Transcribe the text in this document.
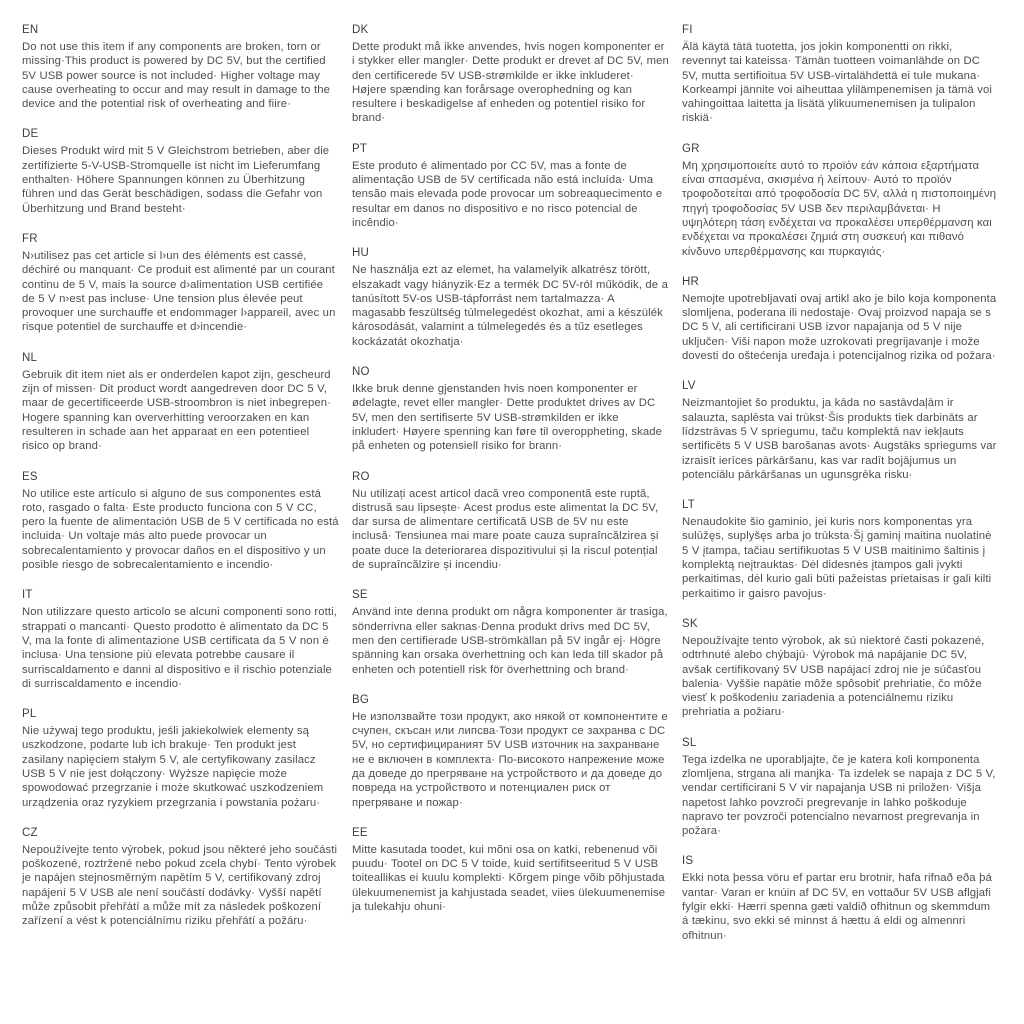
EN

Do not use this item if any components are broken, torn or missing·This product is powered by DC 5V, but the certified 5V USB power source is not included· Higher voltage may cause overheating to occur and may result in damage to the device and the potential risk of overheating and fiire·

DE

Dieses Produkt wird mit 5 V Gleichstrom betrieben, aber die zertifizierte 5-V-USB-Stromquelle ist nicht im Lieferumfang enthalten· Höhere Spannungen können zu Überhitzung führen und das Gerät beschädigen, sodass die Gefahr von Überhitzung und Brand besteht·

FR

N›utilisez pas cet article si l›un des éléments est cassé, déchiré ou manquant· Ce produit est alimenté par un courant continu de 5 V, mais la source d›alimentation USB certifiée de 5 V n›est pas incluse· Une tension plus élevée peut provoquer une surchauffe et endommager l›appareil, avec un risque potentiel de surchauffe et d›incendie·

NL

Gebruik dit item niet als er onderdelen kapot zijn, gescheurd zijn of missen· Dit product wordt aangedreven door DC 5 V, maar de gecertificeerde USB-stroombron is niet inbegrepen· Hogere spanning kan oververhitting veroorzaken en kan resulteren in schade aan het apparaat en een potentieel risico op brand·

ES

No utilice este artículo si alguno de sus componentes está roto, rasgado o falta· Este producto funciona con 5 V CC, pero la fuente de alimentación USB de 5 V certificada no está incluida· Un voltaje más alto puede provocar un sobrecalentamiento y provocar daños en el dispositivo y un posible riesgo de sobrecalentamiento e incendio·

IT

Non utilizzare questo articolo se alcuni componenti sono rotti, strappati o mancanti· Questo prodotto è alimentato da DC 5 V, ma la fonte di alimentazione USB certificata da 5 V non è inclusa· Una tensione più elevata potrebbe causare il surriscaldamento e danni al dispositivo e il rischio potenziale di surriscaldamento e incendio·

PL

Nie używaj tego produktu, jeśli jakiekolwiek elementy są uszkodzone, podarte lub ich brakuje· Ten produkt jest zasilany napięciem stałym 5 V, ale certyfikowany zasilacz USB 5 V nie jest dołączony· Wyższe napięcie może spowodować przegrzanie i może skutkować uszkodzeniem urządzenia oraz ryzykiem przegrzania i powstania pożaru·

CZ

Nepoužívejte tento výrobek, pokud jsou některé jeho součásti poškozené, roztržené nebo pokud zcela chybí· Tento výrobek je napájen stejnosměrným napětím 5 V, certifikovaný zdroj napájení 5 V USB ale není součástí dodávky· Vyšší napětí může způsobit přehřátí a může mít za následek poškození zařízení a vést k potenciálnímu riziku přehřátí a požáru·

DK

Dette produkt må ikke anvendes, hvis nogen komponenter er i stykker eller mangler· Dette produkt er drevet af DC 5V, men den certificerede 5V USB-strømkilde er ikke inkluderet· Højere spænding kan forårsage overophedning og kan resultere i beskadigelse af enheden og potentiel risiko for brand·

PT

Este produto é alimentado por CC 5V, mas a fonte de alimentação USB de 5V certificada não está incluída· Uma tensão mais elevada pode provocar um sobreaquecimento e resultar em danos no dispositivo e no risco potencial de incêndio·

HU

Ne használja ezt az elemet, ha valamelyik alkatrész törött, elszakadt vagy hiányzik·Ez a termék DC 5V-ról működik, de a tanúsított 5V-os USB-tápforrást nem tartalmazza· A magasabb feszültség túlmelegedést okozhat, ami a készülék károsodását, valamint a túlmelegedés és a tűz esetleges kockázatát okozhatja·

NO

Ikke bruk denne gjenstanden hvis noen komponenter er ødelagte, revet eller mangler· Dette produktet drives av DC 5V, men den sertifiserte 5V USB-strømkilden er ikke inkludert· Høyere spenning kan føre til overoppheting, skade på enheten og potensiell risiko for brann·

RO

Nu utilizați acest articol dacă vreo componentă este ruptă, distrusă sau lipsește· Acest produs este alimentat la DC 5V, dar sursa de alimentare certificată USB de 5V nu este inclusă· Tensiunea mai mare poate cauza supraîncălzirea și poate duce la deteriorarea dispozitivului și la riscul potențial de supraîncălzire și incendiu·

SE

Använd inte denna produkt om några komponenter är trasiga, sönderrivna eller saknas·Denna produkt drivs med DC 5V, men den certifierade USB-strömkällan på 5V ingår ej· Högre spänning kan orsaka överhettning och kan leda till skador på enheten och potentiell risk för överhettning och brand·

BG

Не използвайте този продукт, ако някой от компонентите е счупен, скъсан или липсва·Този продукт се захранва с DC 5V, но сертифицираният 5V USB източник на захранване не е включен в комплекта· По-високото напрежение може да доведе до прегряване на устройството и да доведе до повреда на устройството и потенциален риск от прегряване и пожар·

EE

Mitte kasutada toodet, kui mõni osa on katki, rebenenud või puudu· Tootel on DC 5 V toide, kuid sertifitseeritud 5 V USB toiteallikas ei kuulu komplekti· Kõrgem pinge võib põhjustada ülekuumenemist ja kahjustada seadet, viies ülekuumenemise ja tulekahju ohuni·

FI

Älä käytä tätä tuotetta, jos jokin komponentti on rikki, revennyt tai kateissa· Tämän tuotteen voimanlähde on DC 5V, mutta sertifioitua 5V USB-virtalähdettä ei tule mukana· Korkeampi jännite voi aiheuttaa ylilämpenemisen ja tämä voi vahingoittaa laitetta ja lisätä ylikuumenemisen ja tulipalon riskiä·

GR

Μη χρησιμοποιείτε αυτό το προϊόν εάν κάποια εξαρτήματα είναι σπασμένα, σκισμένα ή λείπουν· Αυτό το προϊόν τροφοδοτείται από τροφοδοσία DC 5V, αλλά η πιστοποιημένη πηγή τροφοδοσίας 5V USB δεν περιλαμβάνεται· Η υψηλότερη τάση ενδέχεται να προκαλέσει υπερθέρμανση και ενδέχεται να προκαλέσει ζημιά στη συσκευή και πιθανό κίνδυνο υπερθέρμανσης και πυρκαγιάς·

HR

Nemojte upotrebljavati ovaj artikl ako je bilo koja komponenta slomljena, poderana ili nedostaje· Ovaj proizvod napaja se s DC 5 V, ali certificirani USB izvor napajanja od 5 V nije uključen· Viši napon može uzrokovati pregrijavanje i može dovesti do oštećenja uređaja i potencijalnog rizika od požara·

LV

Neizmantojiet šo produktu, ja kāda no sastāvdaļām ir salauzta, saplēsta vai trūkst·Šis produkts tiek darbināts ar līdzstrāvas 5 V spriegumu, taču komplektā nav iekļauts sertificēts 5 V USB barošanas avots· Augstāks spriegums var izraisīt ierīces pārkāršanu, kas var radīt bojājumus un potenciālu pārkāršanas un ugunsgrēka risku·

LT

Nenaudokite šio gaminio, jei kuris nors komponentas yra sulūžęs, suplyšęs arba jo trūksta·Šį gaminį maitina nuolatinė 5 V įtampa, tačiau sertifikuotas 5 V USB maitinimo šaltinis į komplektą neįtrauktas· Dėl didesnės įtampos gali įvykti perkaitimas, dėl kurio gali būti pažeistas prietaisas ir gali kilti perkaitimo ir gaisro pavojus·

SK

Nepoužívajte tento výrobok, ak sú niektoré časti pokazené, odtrhnuté alebo chýbajú· Výrobok má napájanie DC 5V, avšak certifikovaný 5V USB napájací zdroj nie je súčasťou balenia· Vyššie napätie môže spôsobiť prehriatie, čo môže viesť k poškodeniu zariadenia a potenciálnemu riziku prehriatia a požiaru·

SL

Tega izdelka ne uporabljajte, če je katera koli komponenta zlomljena, strgana ali manjka· Ta izdelek se napaja z DC 5 V, vendar certificirani 5 V vir napajanja USB ni priložen· Višja napetost lahko povzroči pregrevanje in lahko poškoduje napravo ter povzroči potencialno nevarnost pregrevanja in požara·

IS

Ekki nota þessa vöru ef partar eru brotnir, hafa rifnað eða þá vantar· Varan er knúin af DC 5V, en vottaður 5V USB aflgjafi fylgir ekki· Hærri spenna gæti valdið ofhitnun og skemmdum á tækinu, svo ekki sé minnst á hættu á eldi og almennri ofhitnun·
